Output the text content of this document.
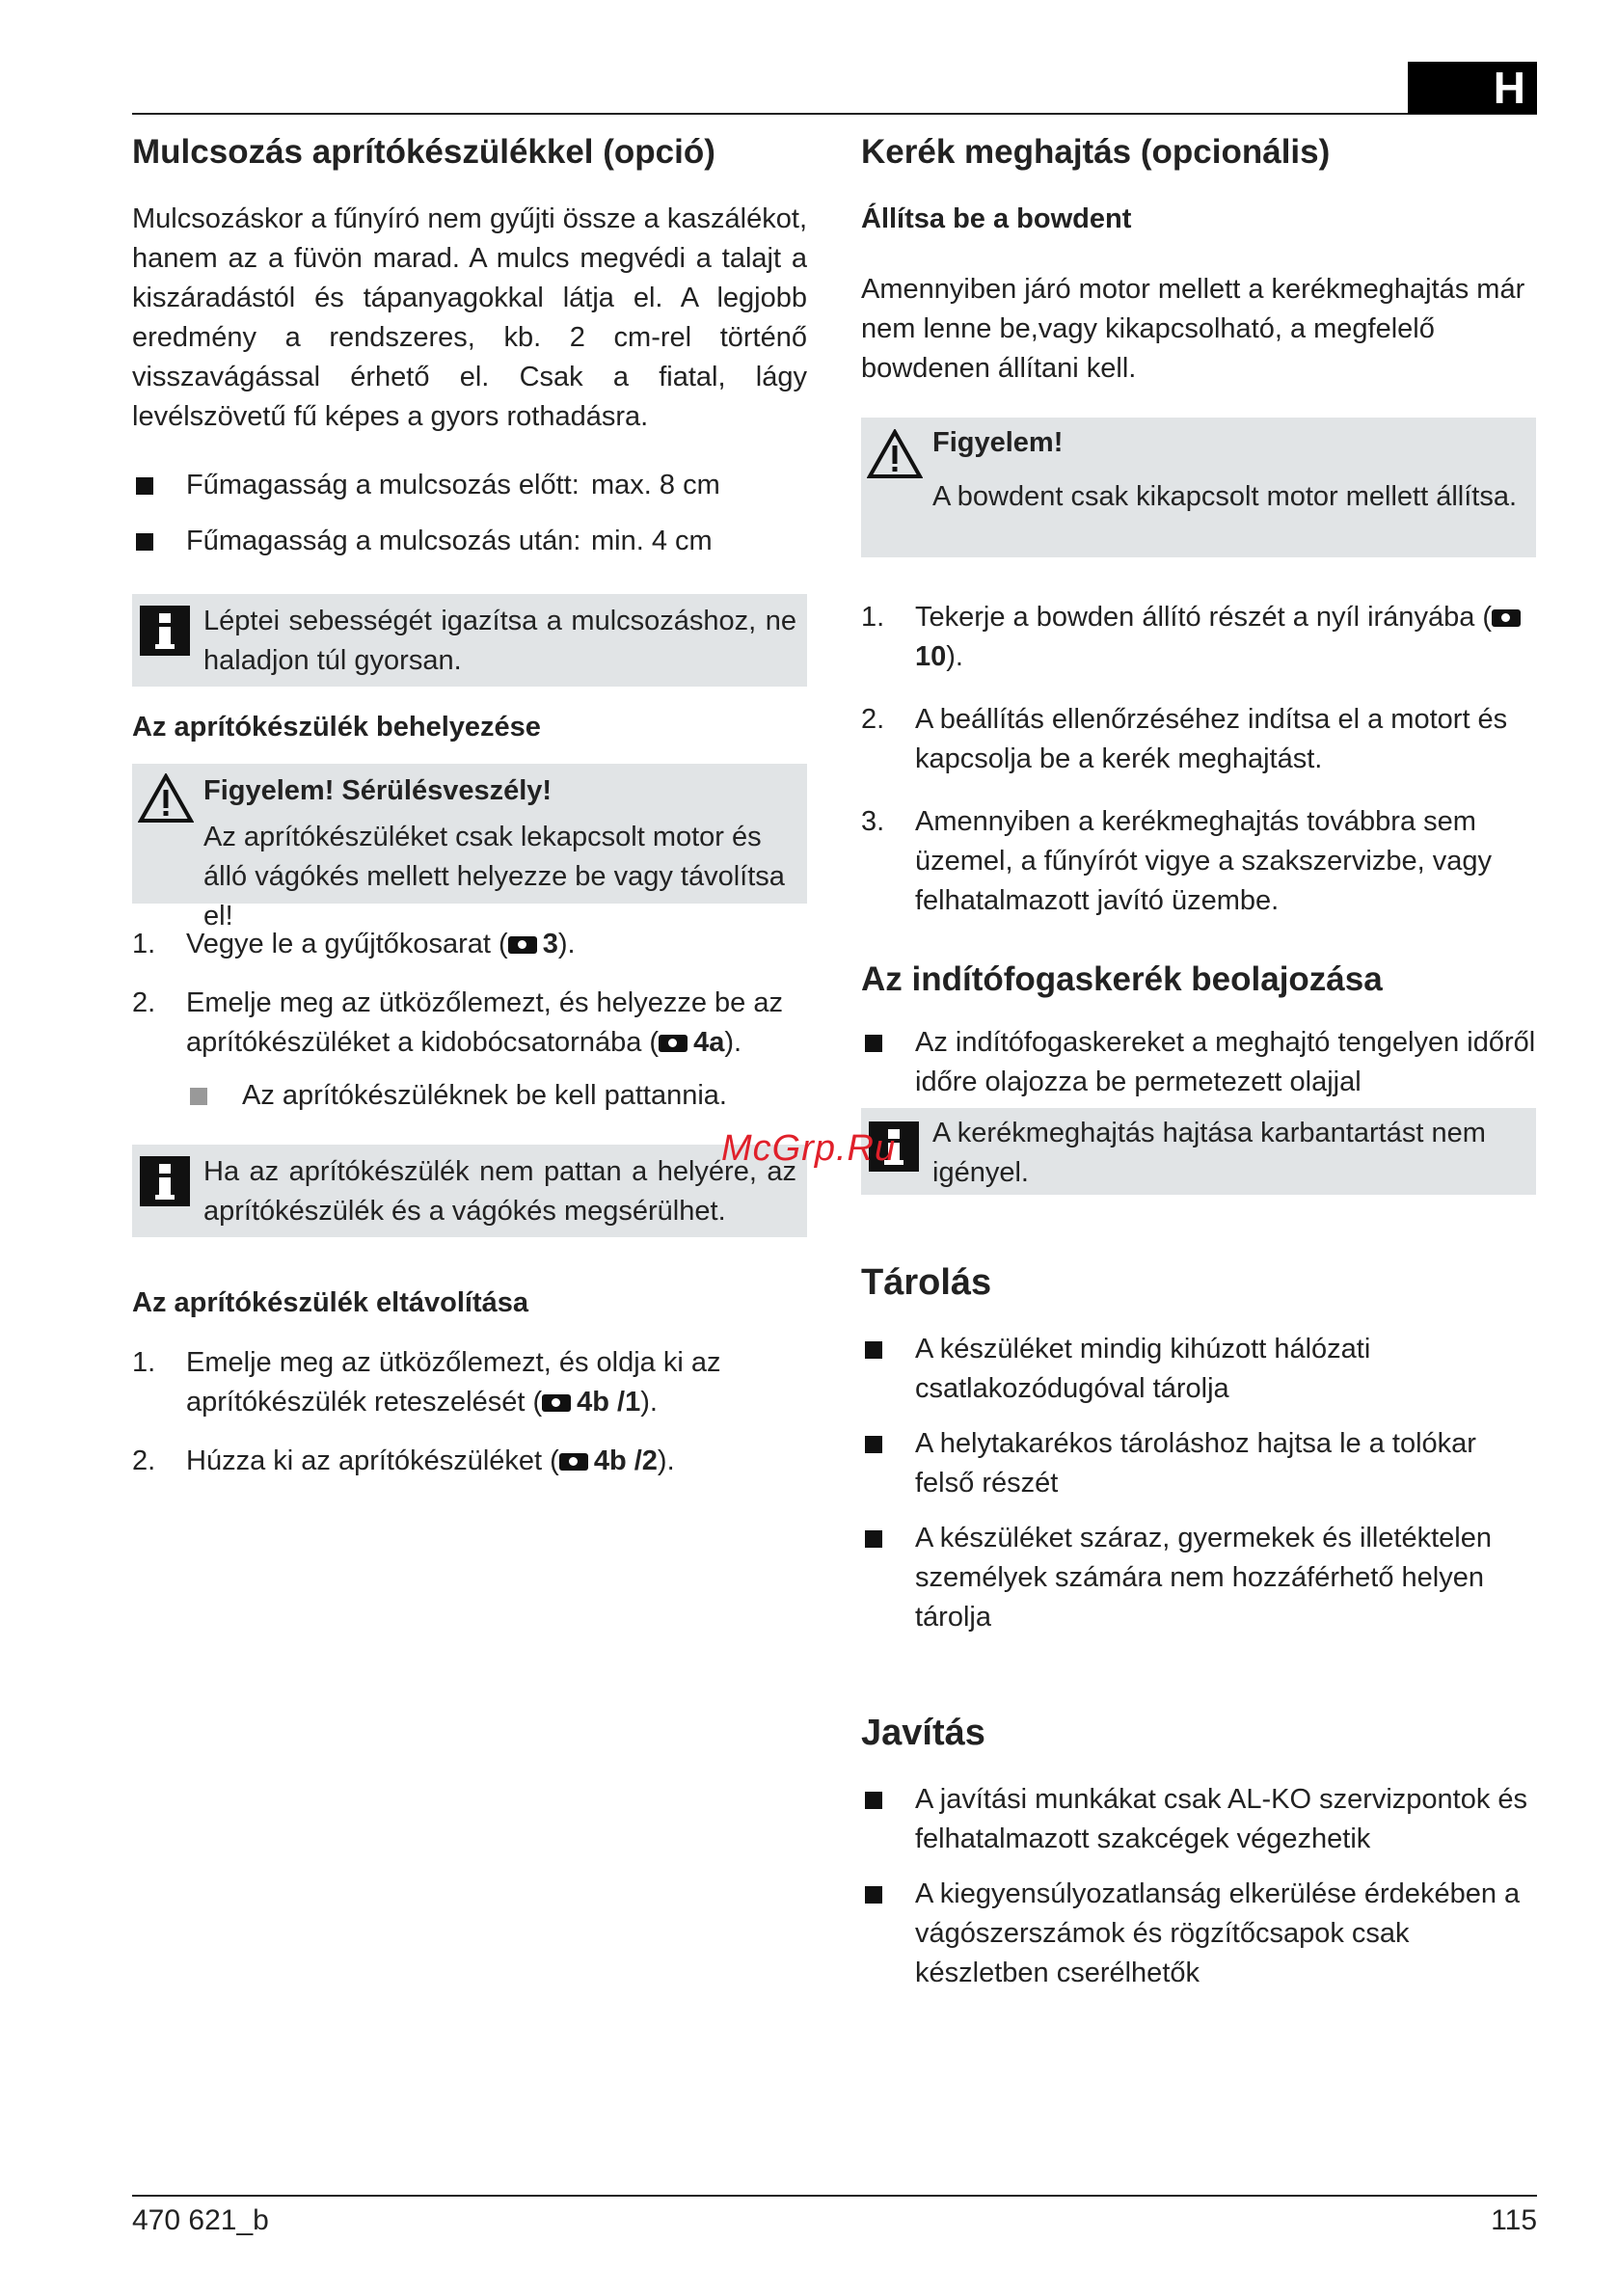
H
Mulcsozás aprítókészülékkel (opció)

Mulcsozáskor a fűnyíró nem gyűjti össze a kaszálékot, hanem az a füvön marad. A mulcs megvédi a talajt a kiszáradástól és tápanyagokkal látja el. A legjobb eredmény a rendszeres, kb. 2 cm-rel történő visszavágással érhető el. Csak a fiatal, lágy levélszövetű fű képes a gyors rothadásra.

Fűmagasság a mulcsozás előtt: max. 8 cm
Fűmagasság a mulcsozás után: min. 4 cm
Léptei sebességét igazítsa a mulcsozáshoz, ne haladjon túl gyorsan.
Az aprítókészülék behelyezése
Figyelem! Sérülésveszély!
Az aprítókészüléket csak lekapcsolt motor és álló vágókés mellett helyezze be vagy távolítsa el!
1. Vegye le a gyűjtőkosarat ( 3).
2. Emelje meg az ütközőlemezt, és helyezze be az aprítókészüléket a kidobócsatornába ( 4a).
Az aprítókészüléknek be kell pattannia.
Ha az aprítókészülék nem pattan a helyére, az aprítókészülék és a vágókés megsérülhet.
Az aprítókészülék eltávolítása
1. Emelje meg az ütközőlemezt, és oldja ki az aprítókészülék reteszelését ( 4b /1).
2. Húzza ki az aprítókészüléket ( 4b /2).
Kerék meghajtás (opcionális)
Állítsa be a bowdent

Amennyiben járó motor mellett a kerékmeghajtás már nem lenne be,vagy kikapcsolható, a megfelelő bowdenen állítani kell.

Figyelem!
A bowdent csak kikapcsolt motor mellett állítsa.
1. Tekerje a bowden állító részét a nyíl irányába (10).
2. A beállítás ellenőrzéséhez indítsa el a motort és kapcsolja be a kerék meghajtást.
3. Amennyiben a kerékmeghajtás továbbra sem üzemel, a fűnyírót vigye a szakszervizbe, vagy felhatalmazott javító üzembe.
Az indítófogaskerék beolajozása
Az indítófogaskereket a meghajtó tengelyen időről időre olajozza be permetezett olajjal
A kerékmeghajtás hajtása karbantartást nem igényel.
Tárolás
A készüléket mindig kihúzott hálózati csatlakozódugóval tárolja
A helytakarékos tároláshoz hajtsa le a tolókar felső részét
A készüléket száraz, gyermekek és illetéktelen személyek számára nem hozzáférhető helyen tárolja
Javítás
A javítási munkákat csak AL-KO szervizpontok és felhatalmazott szakcégek végezhetik
A kiegyensúlyozatlanság elkerülése érdekében a vágószerszámok és rögzítőcsapok csak készletben cserélhetők
McGrp.Ru
470 621_b	115
